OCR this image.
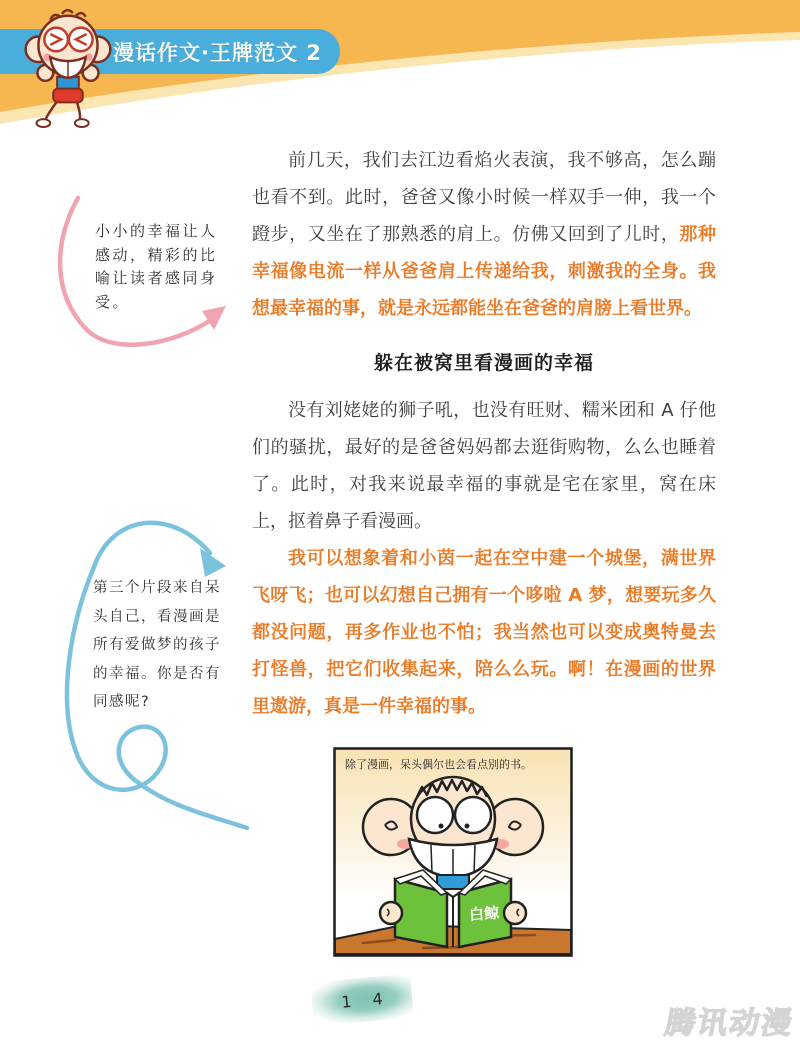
漫话作文·王牌范文 2

前几天，我们去江边看焰火表演，我不够高，怎么蹦也看不到。此时，爸爸又像小时候一样双手一伸，我一个蹬步，又坐在了那熟悉的肩上。仿佛又回到了儿时，那种幸福像电流一样从爸爸肩上传递给我，刺激我的全身。我想最幸福的事，就是永远都能坐在爸爸的肩膀上看世界。

躲在被窝里看漫画的幸福

没有刘姥姥的狮子吼，也没有旺财、糯米团和 A 仔他们的骚扰，最好的是爸爸妈妈都去逛街购物，么么也睡着了。此时，对我来说最幸福的事就是宅在家里，窝在床上，抠着鼻子看漫画。

我可以想象着和小茵一起在空中建一个城堡，满世界飞呀飞；也可以幻想自己拥有一个哆啦 A 梦，想要玩多久都没问题，再多作业也不怕；我当然也可以变成奥特曼去打怪兽，把它们收集起来，陪么么玩。啊！在漫画的世界里遨游，真是一件幸福的事。

小小的幸福让人感动，精彩的比喻让读者感同身受。
第三个片段来自呆头自己，看漫画是所有爱做梦的孩子的幸福。你是否有同感呢?
除了漫画，呆头偶尔也会看点别的书。
白鲸
1 4
腾讯动漫
